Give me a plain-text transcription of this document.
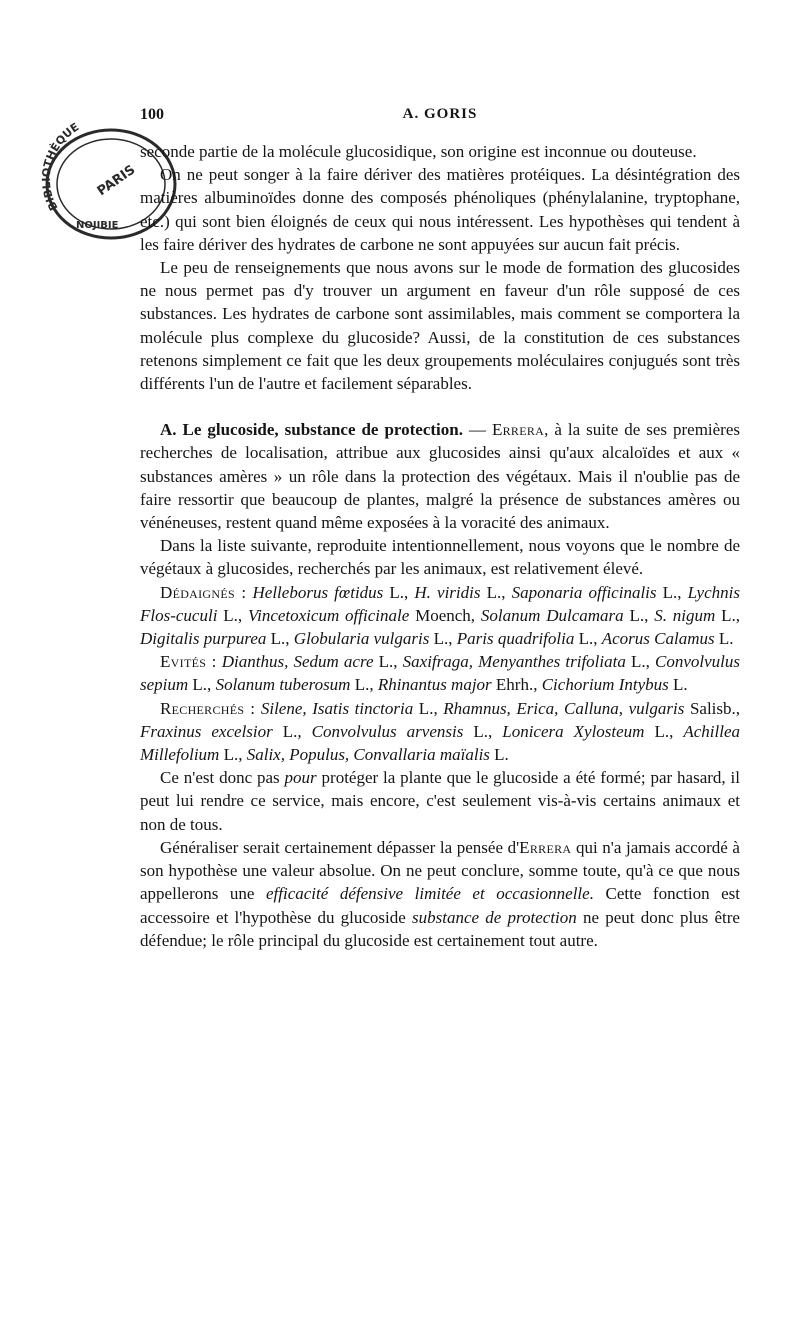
100	A. GORIS
BIBLIOTHÈQUE
PARIS
NOJIBIE

seconde partie de la molécule glucosidique, son origine est inconnue ou douteuse.

On ne peut songer à la faire dériver des matières protéiques. La désintégration des matières albuminoïdes donne des composés phénoliques (phénylalanine, tryptophane, etc.) qui sont bien éloignés de ceux qui nous intéressent. Les hypothèses qui tendent à les faire dériver des hydrates de carbone ne sont appuyées sur aucun fait précis.

Le peu de renseignements que nous avons sur le mode de formation des glucosides ne nous permet pas d'y trouver un argument en faveur d'un rôle supposé de ces substances. Les hydrates de carbone sont assimilables, mais comment se comportera la molécule plus complexe du glucoside? Aussi, de la constitution de ces substances retenons simplement ce fait que les deux groupements moléculaires conjugués sont très différents l'un de l'autre et facilement séparables.

A. Le glucoside, substance de protection. — Errera, à la suite de ses premières recherches de localisation, attribue aux glucosides ainsi qu'aux alcaloïdes et aux « substances amères » un rôle dans la protection des végétaux. Mais il n'oublie pas de faire ressortir que beaucoup de plantes, malgré la présence de substances amères ou vénéneuses, restent quand même exposées à la voracité des animaux.

Dans la liste suivante, reproduite intentionnellement, nous voyons que le nombre de végétaux à glucosides, recherchés par les animaux, est relativement élevé.

Dédaignés : Helleborus fœtidus L., H. viridis L., Saponaria officinalis L., Lychnis Flos-cuculi L., Vincetoxicum officinale Moench, Solanum Dulcamara L., S. nigum L., Digitalis purpurea L., Globularia vulgaris L., Paris quadrifolia L., Acorus Calamus L.

Evités : Dianthus, Sedum acre L., Saxifraga, Menyanthes trifoliata L., Convolvulus sepium L., Solanum tuberosum L., Rhinantus major Ehrh., Cichorium Intybus L.

Recherchés : Silene, Isatis tinctoria L., Rhamnus, Erica, Calluna, vulgaris Salisb., Fraxinus excelsior L., Convolvulus arvensis L., Lonicera Xylosteum L., Achillea Millefolium L., Salix, Populus, Convallaria maïalis L.

Ce n'est donc pas pour protéger la plante que le glucoside a été formé; par hasard, il peut lui rendre ce service, mais encore, c'est seulement vis-à-vis certains animaux et non de tous.

Généraliser serait certainement dépasser la pensée d'Errera qui n'a jamais accordé à son hypothèse une valeur absolue. On ne peut conclure, somme toute, qu'à ce que nous appellerons une efficacité défensive limitée et occasionnelle. Cette fonction est accessoire et l'hypothèse du glucoside substance de protection ne peut donc plus être défendue; le rôle principal du glucoside est certainement tout autre.
